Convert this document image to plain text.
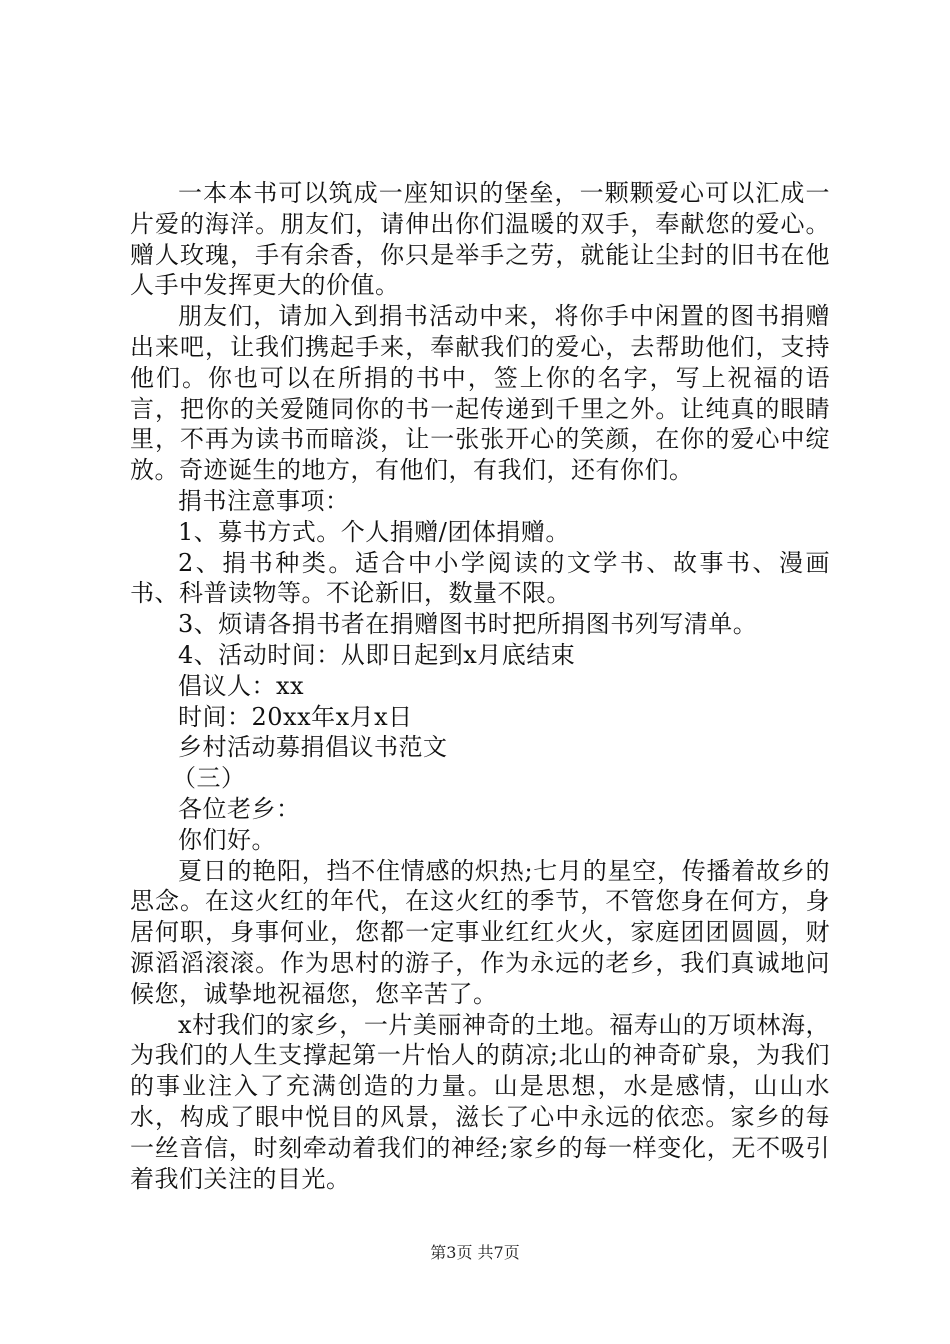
一本本书可以筑成一座知识的堡垒，一颗颗爱心可以汇成一片爱的海洋。朋友们，请伸出你们温暖的双手，奉献您的爱心。赠人玫瑰，手有余香，你只是举手之劳，就能让尘封的旧书在他人手中发挥更大的价值。

朋友们，请加入到捐书活动中来，将你手中闲置的图书捐赠出来吧，让我们携起手来，奉献我们的爱心，去帮助他们，支持他们。你也可以在所捐的书中，签上你的名字，写上祝福的语言，把你的关爱随同你的书一起传递到千里之外。让纯真的眼睛里，不再为读书而暗淡，让一张张开心的笑颜，在你的爱心中绽放。奇迹诞生的地方，有他们，有我们，还有你们。

捐书注意事项：

1、募书方式。个人捐赠/团体捐赠。

2、捐书种类。适合中小学阅读的文学书、故事书、漫画书、科普读物等。不论新旧，数量不限。

3、烦请各捐书者在捐赠图书时把所捐图书列写清单。

4、活动时间：从即日起到x月底结束

倡议人：xx

时间：20xx年x月x日

乡村活动募捐倡议书范文

（三）

各位老乡：

你们好。

夏日的艳阳，挡不住情感的炽热;七月的星空，传播着故乡的思念。在这火红的年代，在这火红的季节，不管您身在何方，身居何职，身事何业，您都一定事业红红火火，家庭团团圆圆，财源滔滔滚滚。作为思村的游子，作为永远的老乡，我们真诚地问候您，诚挚地祝福您，您辛苦了。

x村我们的家乡，一片美丽神奇的土地。福寿山的万顷林海，为我们的人生支撑起第一片怡人的荫凉;北山的神奇矿泉，为我们的事业注入了充满创造的力量。山是思想，水是感情，山山水水，构成了眼中悦目的风景，滋长了心中永远的依恋。家乡的每一丝音信，时刻牵动着我们的神经;家乡的每一样变化，无不吸引着我们关注的目光。

第3页 共7页
